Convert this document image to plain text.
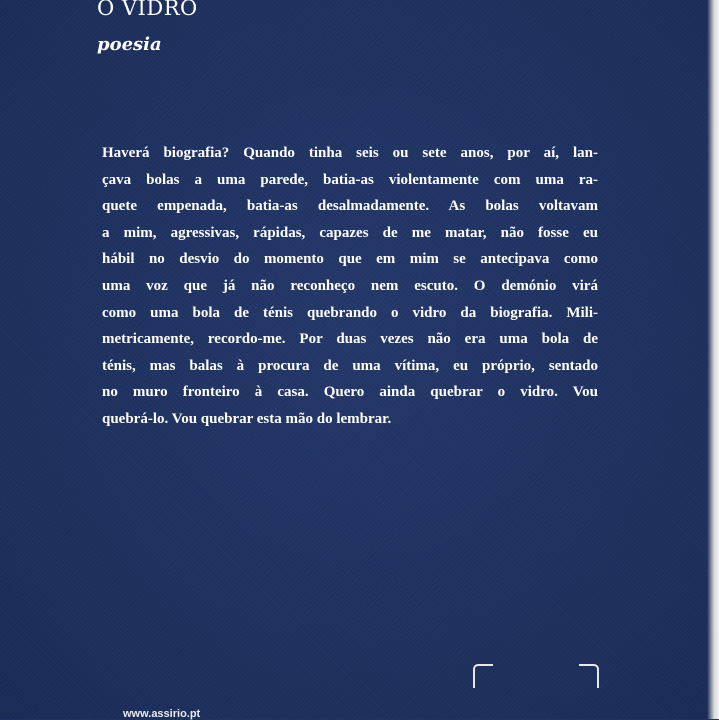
O VIDRO

poesia

Haverá biografia? Quando tinha seis ou sete anos, por aí, lan-
çava bolas a uma parede, batia-as violentamente com uma ra-
quete empenada, batia-as desalmadamente. As bolas voltavam
a mim, agressivas, rápidas, capazes de me matar, não fosse eu
hábil no desvio do momento que em mim se antecipava como
uma voz que já não reconheço nem escuto. O demónio virá
como uma bola de ténis quebrando o vidro da biografia. Mili-
metricamente, recordo-me. Por duas vezes não era uma bola de
ténis, mas balas à procura de uma vítima, eu próprio, sentado
no muro fronteiro à casa. Quero ainda quebrar o vidro. Vou
quebrá-lo. Vou quebrar esta mão do lembrar.

www.assirio.pt
